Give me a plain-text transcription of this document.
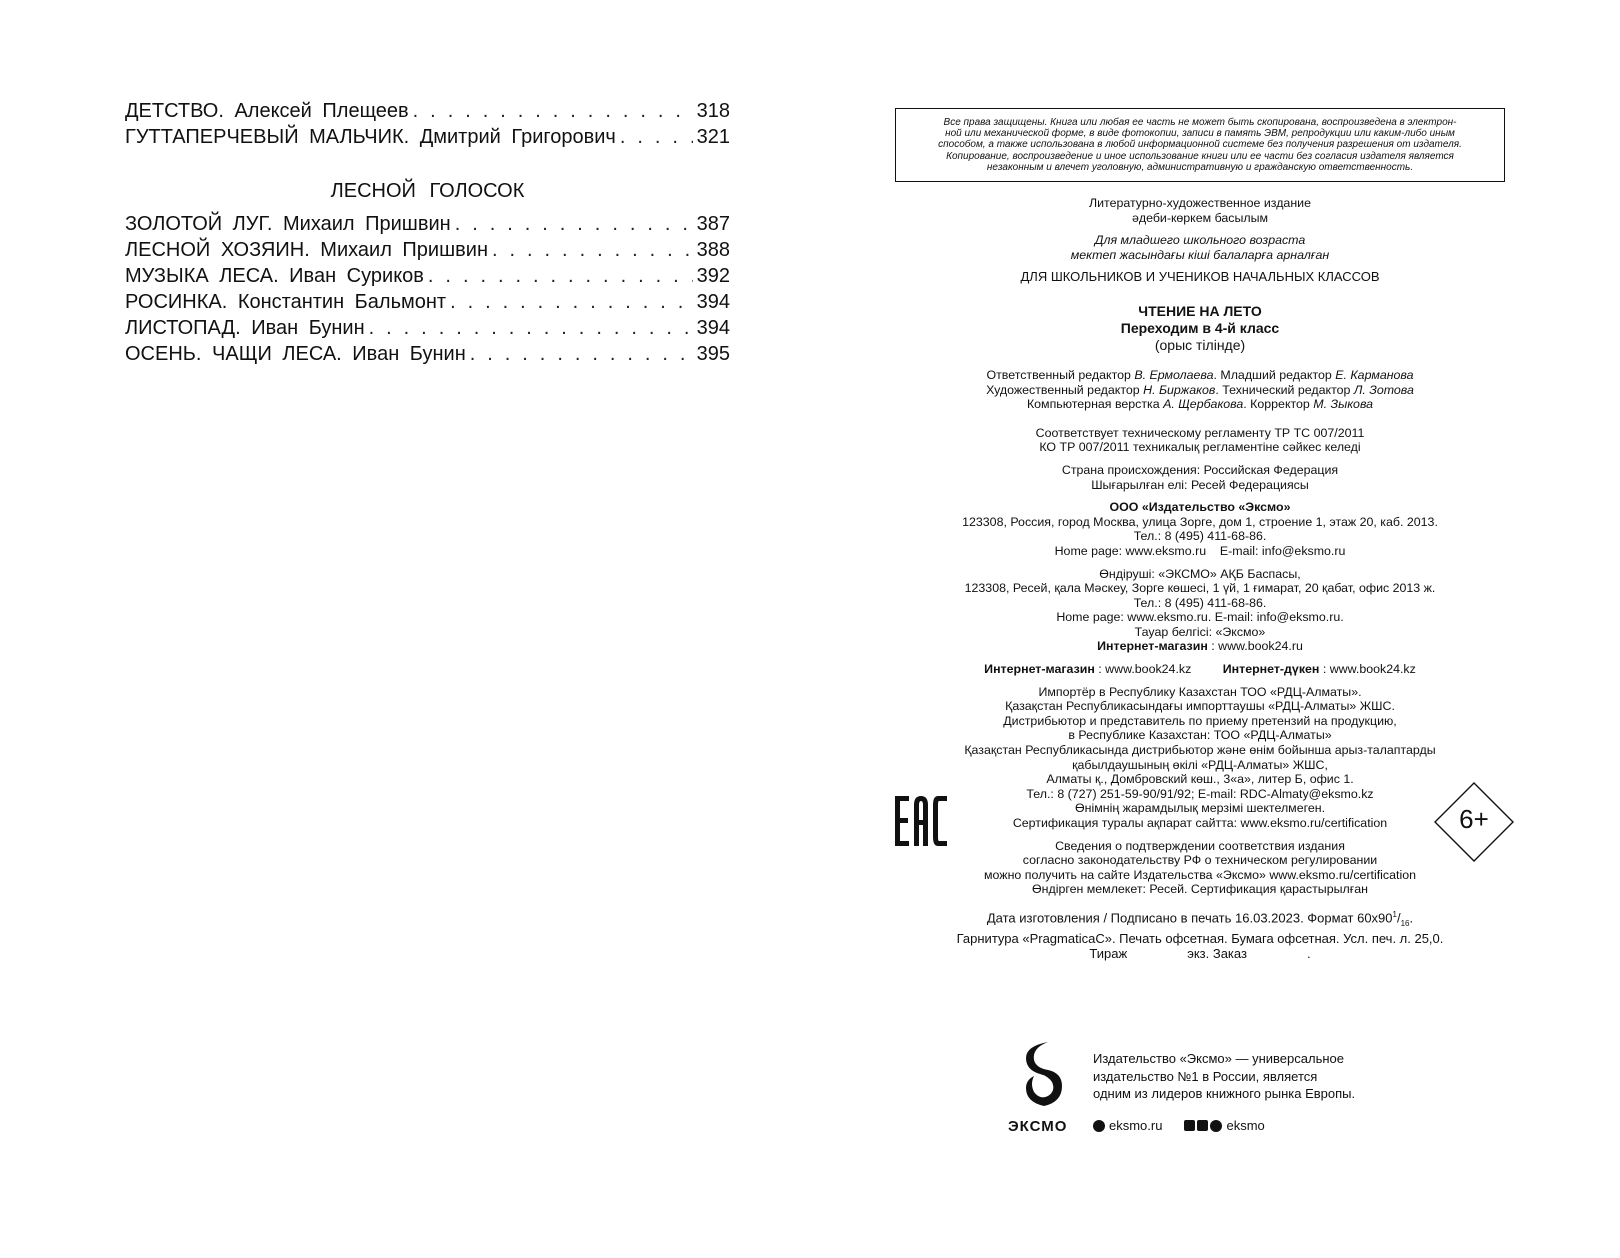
ДЕТСТВО. Алексей Плещеев . . .	318
ГУТТАПЕРЧЕВЫЙ МАЛЬЧИК. Дмитрий Григорович . . .	321
ЛЕСНОЙ ГОЛОСОК
ЗОЛОТОЙ ЛУГ. Михаил Пришвин . . .	387
ЛЕСНОЙ ХОЗЯИН. Михаил Пришвин . . .	388
МУЗЫКА ЛЕСА. Иван Суриков . . .	392
РОСИНКА. Константин Бальмонт . . .	394
ЛИСТОПАД. Иван Бунин . . .	394
ОСЕНЬ. ЧАЩИ ЛЕСА. Иван Бунин . . .	395
Все права защищены. Книга или любая ее часть не может быть скопирована, воспроизведена в электрон-
ной или механической форме, в виде фотокопии, записи в память ЭВМ, репродукции или каким-либо иным
способом, а также использована в любой информационной системе без получения разрешения от издателя.
Копирование, воспроизведение и иное использование книги или ее части без согласия издателя является
незаконным и влечет уголовную, административную и гражданскую ответственность.
Литературно-художественное издание
әдеби-көркем басылым
Для младшего школьного возраста
мектеп жасындағы кіші балаларға арналған
ДЛЯ ШКОЛЬНИКОВ И УЧЕНИКОВ НАЧАЛЬНЫХ КЛАССОВ
ЧТЕНИЕ НА ЛЕТО
Переходим в 4-й класс
(орыс тілінде)
Ответственный редактор В. Ермолаева. Младший редактор Е. Карманова
Художественный редактор Н. Биржаков. Технический редактор Л. Зотова
Компьютерная верстка А. Щербакова. Корректор М. Зыкова
Соответствует техническому регламенту ТР ТС 007/2011
КО ТР 007/2011 техникалық регламентіне сәйкес келеді
Страна происхождения: Российская Федерация
Шығарылған елі: Ресей Федерациясы
ООО «Издательство «Эксмо»
123308, Россия, город Москва, улица Зорге, дом 1, строение 1, этаж 20, каб. 2013.
Тел.: 8 (495) 411-68-86.
Home page: www.eksmo.ru    E-mail: info@eksmo.ru
Өндіруші: «ЭКСМО» АҚБ Баспасы,
123308, Ресей, қала Мәскеу, Зорге көшесі, 1 үй, 1 ғимарат, 20 қабат, офис 2013 ж.
Тел.: 8 (495) 411-68-86.
Home page: www.eksmo.ru. E-mail: info@eksmo.ru.
Тауар белгісі: «Эксмо»
Интернет-магазин : www.book24.ru
Интернет-магазин : www.book24.kz	Интернет-дүкен : www.book24.kz
Импортёр в Республику Казахстан ТОО «РДЦ-Алматы».
Қазақстан Республикасындағы импорттаушы «РДЦ-Алматы» ЖШС.
Дистрибьютор и представитель по приему претензий на продукцию,
в Республике Казахстан: ТОО «РДЦ-Алматы»
Қазақстан Республикасында дистрибьютор және өнім бойынша арыз-талаптарды
қабылдаушының өкілі «РДЦ-Алматы» ЖШС,
Алматы қ., Домбровский көш., 3«а», литер Б, офис 1.
Тел.: 8 (727) 251-59-90/91/92; E-mail: RDC-Almaty@eksmo.kz
Өнімнің жарамдылық мерзімі шектелмеген.
Сертификация туралы ақпарат сайтта: www.eksmo.ru/certification
Сведения о подтверждении соответствия издания
согласно законодательству РФ о техническом регулировании
можно получить на сайте Издательства «Эксмо» www.eksmo.ru/certification
Өндірген мемлекет: Ресей. Сертификация қарастырылған
Дата изготовления / Подписано в печать 16.03.2023. Формат $60х90^1/_{16}$.
Гарнитура «PragmaticaC». Печать офсетная. Бумага офсетная. Усл. печ. л. 25,0.
Тираж	экз. Заказ	.
6+
ЭКСМО
Издательство «Эксмо» — универсальное
издательство №1 в России, является
одним из лидеров книжного рынка Европы.
eksmo.ru	eksmo
